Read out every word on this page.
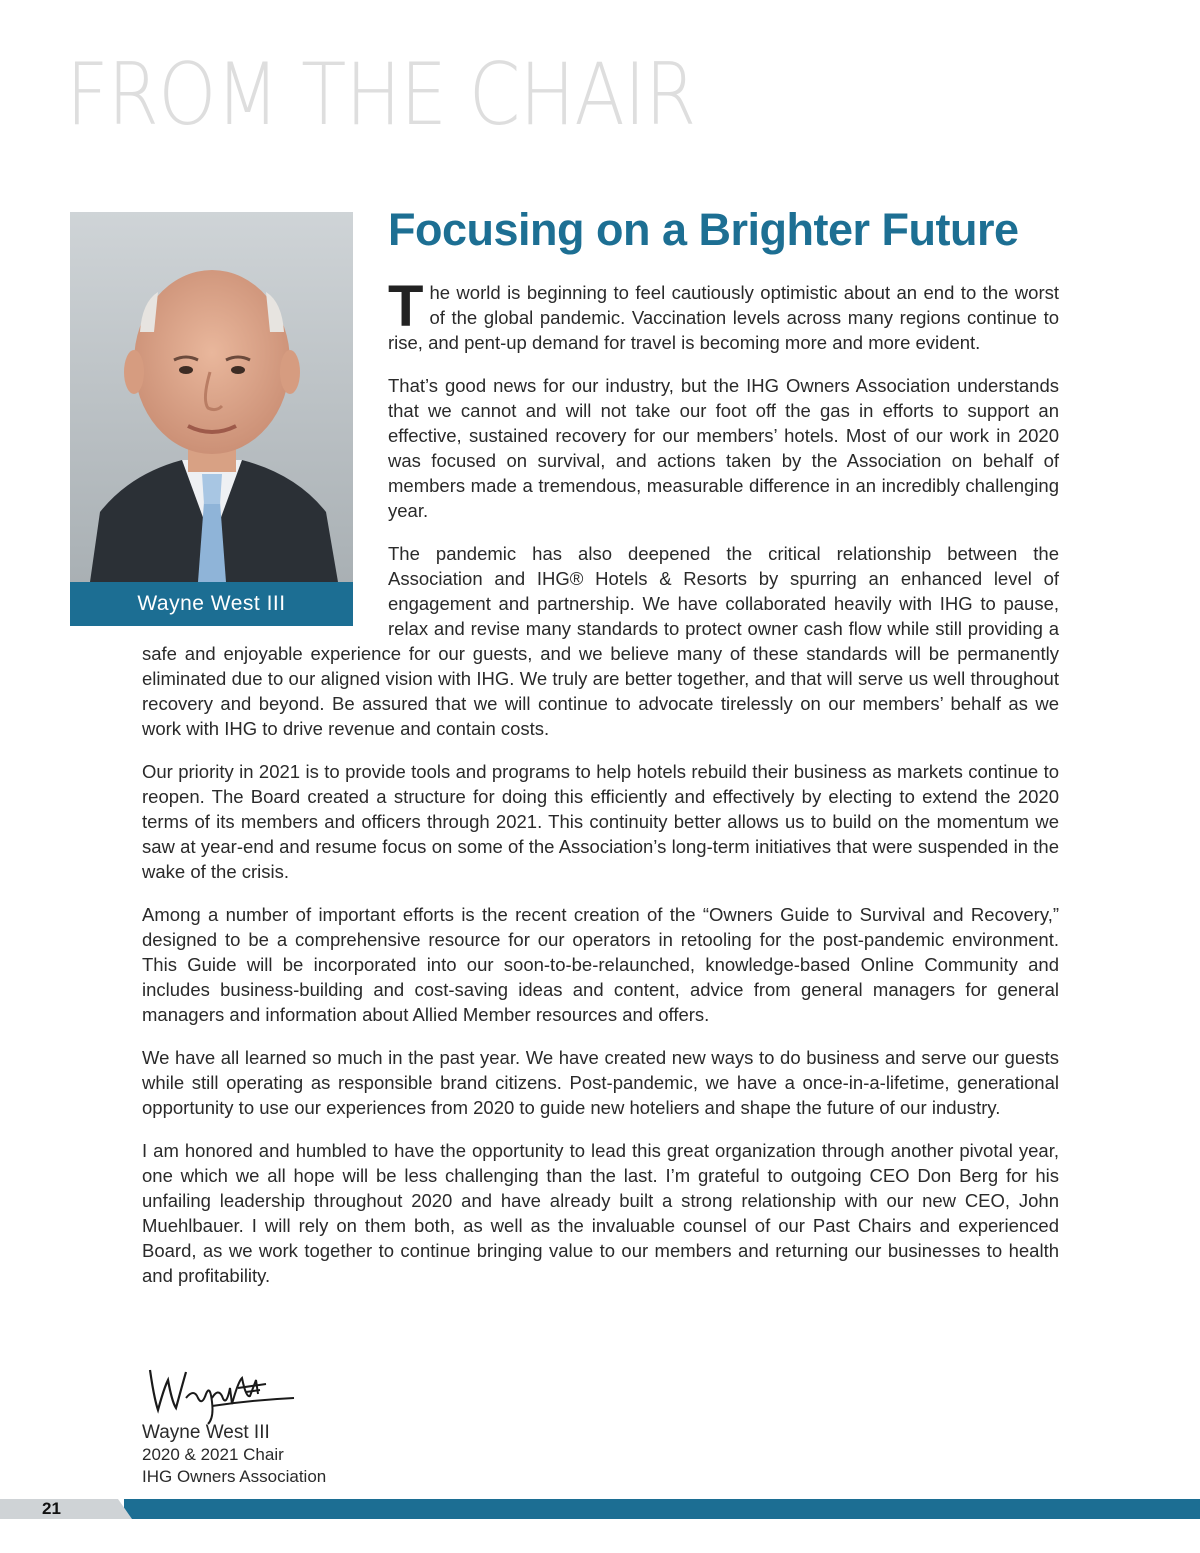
FROM THE CHAIR
Wayne West III
Focusing on a Brighter Future

The world is beginning to feel cautiously optimistic about an end to the worst of the global pandemic. Vaccination levels across many regions continue to rise, and pent-up demand for travel is becoming more and more evident.

That’s good news for our industry, but the IHG Owners Association understands that we cannot and will not take our foot off the gas in efforts to support an effective, sustained recovery for our members’ hotels. Most of our work in 2020 was focused on survival, and actions taken by the Association on behalf of members made a tremendous, measurable difference in an incredibly challenging year.

The pandemic has also deepened the critical relationship between the Association and IHG® Hotels & Resorts by spurring an enhanced level of engagement and partnership. We have collaborated heavily with IHG to pause, relax and revise many standards to protect owner cash flow while still providing a safe and enjoyable experience for our guests, and we believe many of these standards will be permanently eliminated due to our aligned vision with IHG. We truly are better together, and that will serve us well throughout recovery and beyond. Be assured that we will continue to advocate tirelessly on our members’ behalf as we work with IHG to drive revenue and contain costs.

Our priority in 2021 is to provide tools and programs to help hotels rebuild their business as markets continue to reopen. The Board created a structure for doing this efficiently and effectively by electing to extend the 2020 terms of its members and officers through 2021. This continuity better allows us to build on the momentum we saw at year-end and resume focus on some of the Association’s long-term initiatives that were suspended in the wake of the crisis.

Among a number of important efforts is the recent creation of the “Owners Guide to Survival and Recovery,” designed to be a comprehensive resource for our operators in retooling for the post-pandemic environment. This Guide will be incorporated into our soon-to-be-relaunched, knowledge-based Online Community and includes business-building and cost-saving ideas and content, advice from general managers for general managers and information about Allied Member resources and offers.

We have all learned so much in the past year. We have created new ways to do business and serve our guests while still operating as responsible brand citizens. Post-pandemic, we have a once-in-a-lifetime, generational opportunity to use our experiences from 2020 to guide new hoteliers and shape the future of our industry.

I am honored and humbled to have the opportunity to lead this great organization through another pivotal year, one which we all hope will be less challenging than the last. I’m grateful to outgoing CEO Don Berg for his unfailing leadership throughout 2020 and have already built a strong relationship with our new CEO, John Muehlbauer. I will rely on them both, as well as the invaluable counsel of our Past Chairs and experienced Board, as we work together to continue bringing value to our members and returning our businesses to health and profitability.

Wayne West III
2020 & 2021 Chair
IHG Owners Association
21
